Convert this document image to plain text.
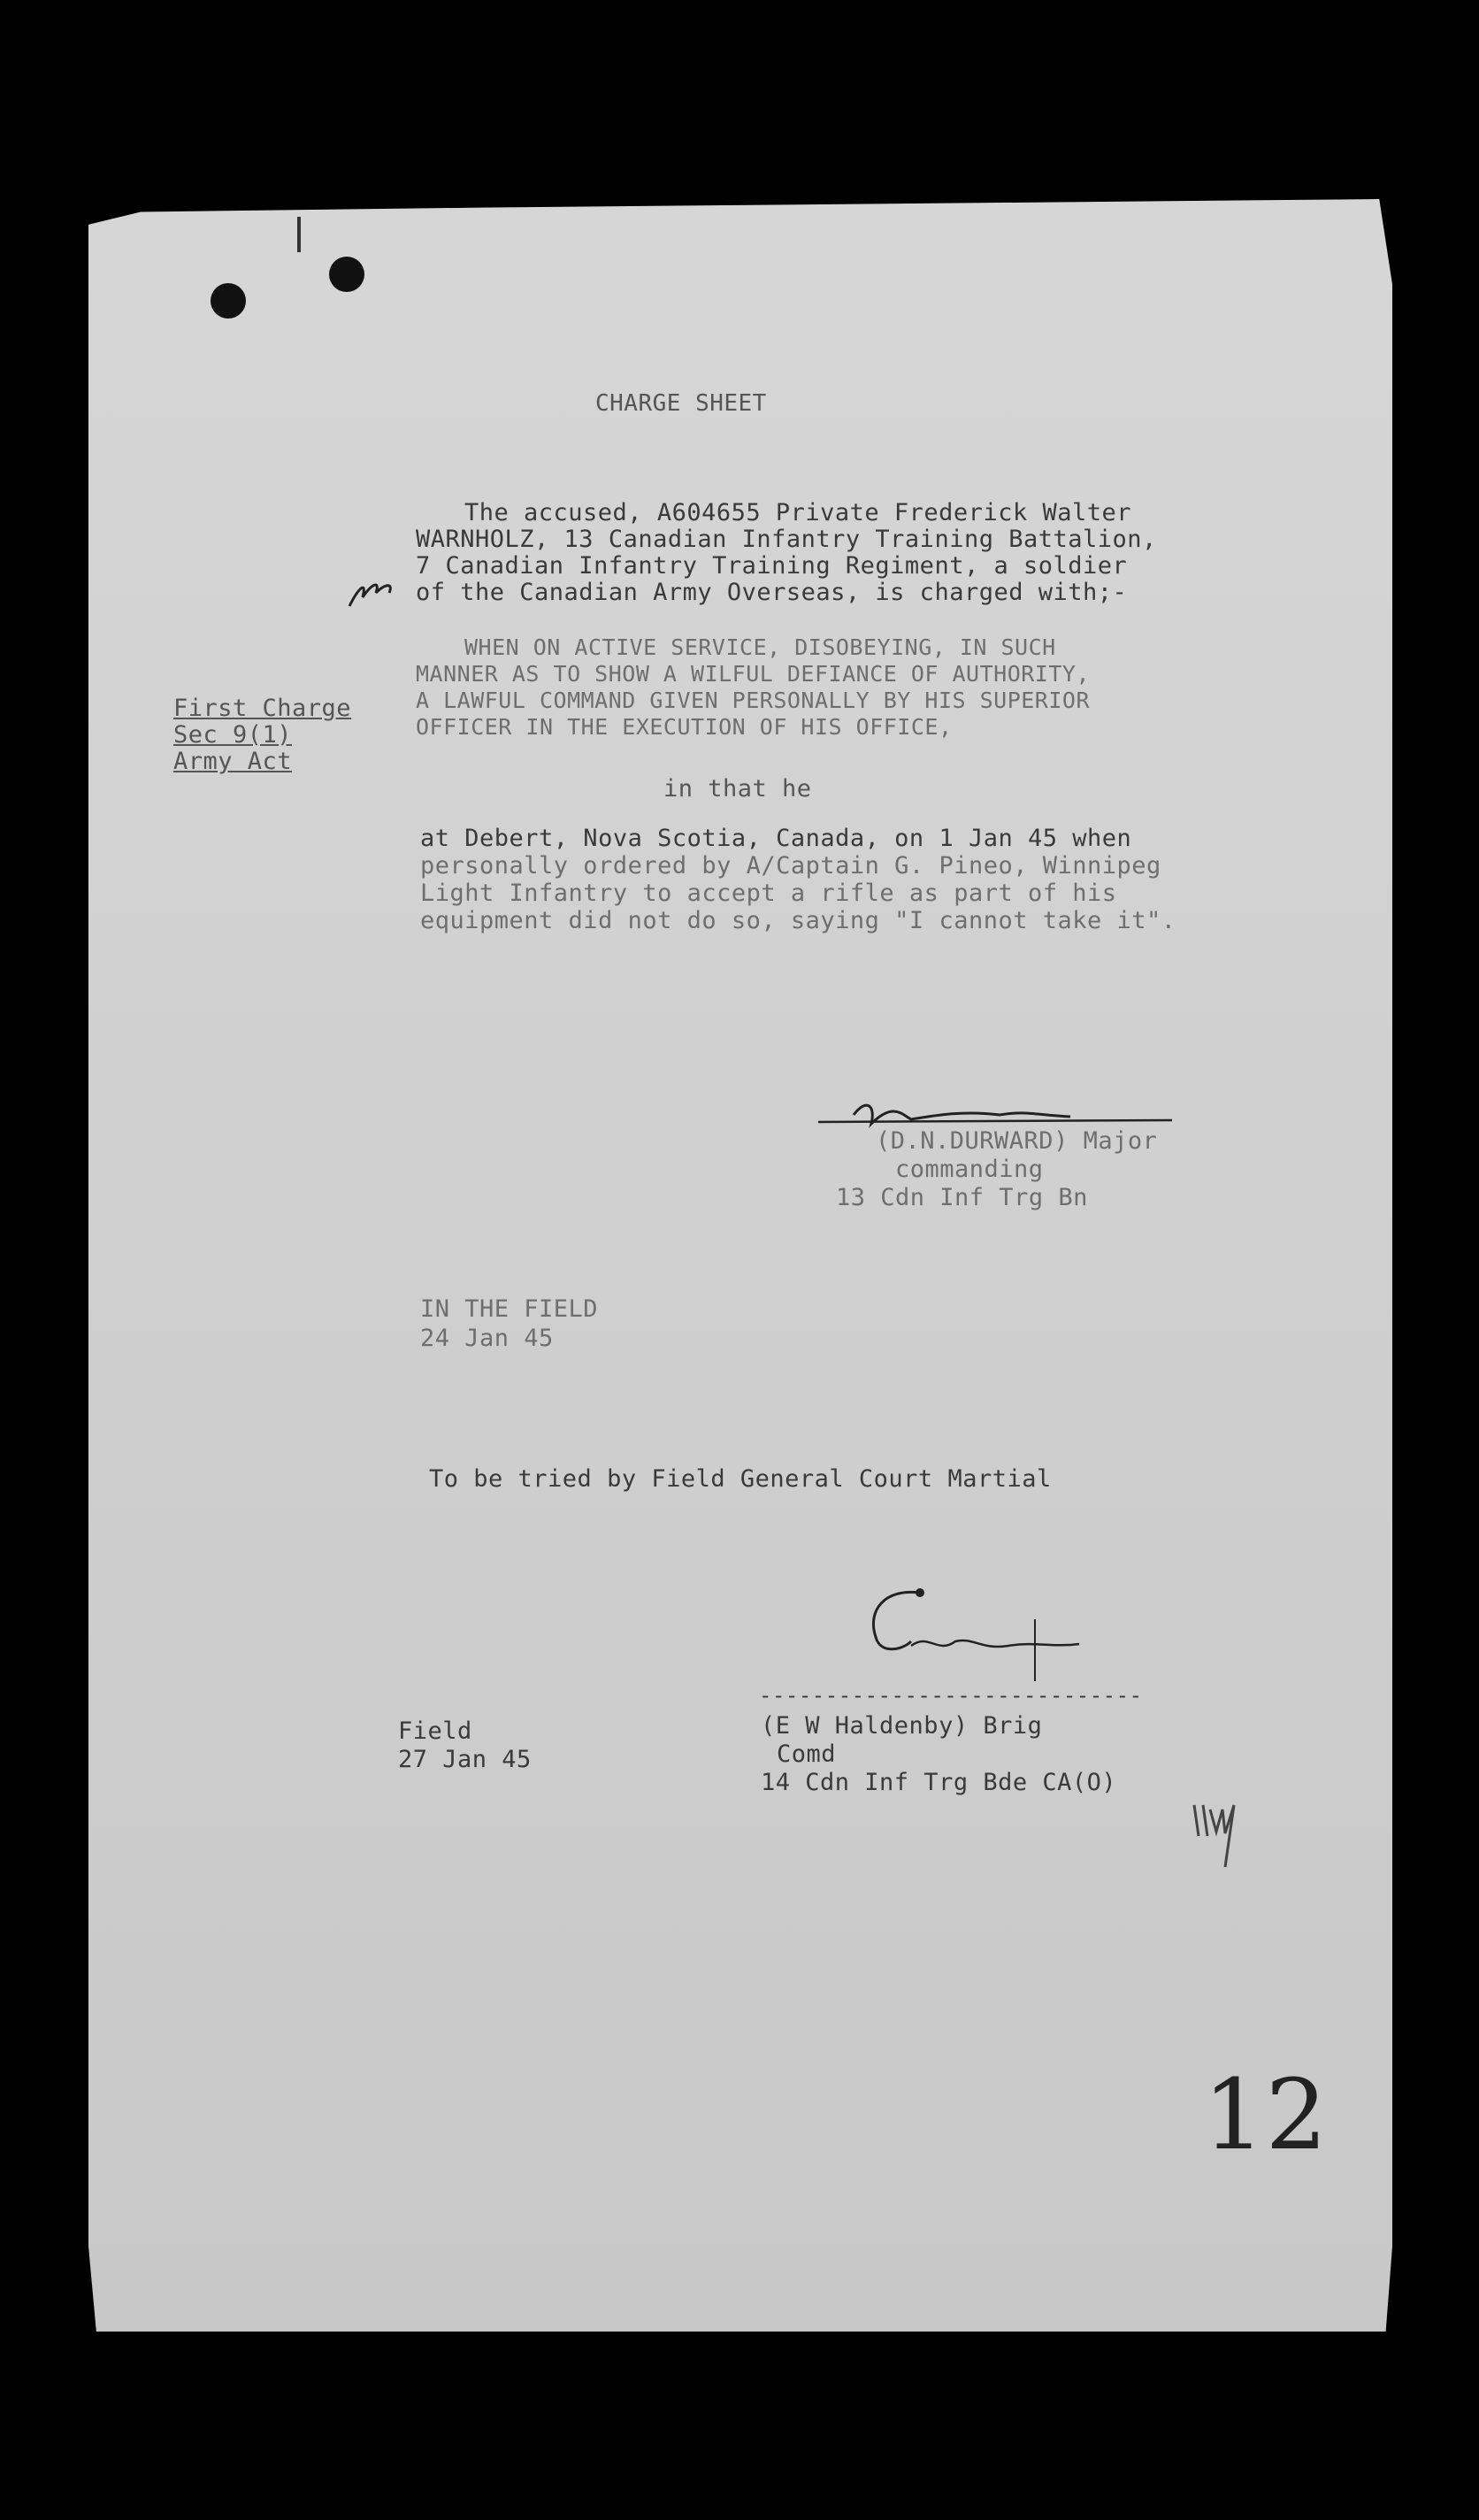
CHARGE SHEET
The accused, A604655 Private Frederick Walter
WARNHOLZ, 13 Canadian Infantry Training Battalion,
7 Canadian Infantry Training Regiment, a soldier
of the Canadian Army Overseas, is charged with;-
First Charge
Sec 9(1)
Army Act
WHEN ON ACTIVE SERVICE, DISOBEYING, IN SUCH
MANNER AS TO SHOW A WILFUL DEFIANCE OF AUTHORITY,
A LAWFUL COMMAND GIVEN PERSONALLY BY HIS SUPERIOR
OFFICER IN THE EXECUTION OF HIS OFFICE,
in that he
at Debert, Nova Scotia, Canada, on 1 Jan 45 when
personally ordered by A/Captain G. Pineo, Winnipeg
Light Infantry to accept a rifle as part of his
equipment did not do so, saying "I cannot take it".
(D.N.DURWARD) Major
commanding
13 Cdn Inf Trg Bn
IN THE FIELD
24 Jan 45
To be tried by Field General Court Martial
-----------------------------
Field
27 Jan 45
(E W Haldenby) Brig
Comd
14 Cdn Inf Trg Bde CA(O)
12
